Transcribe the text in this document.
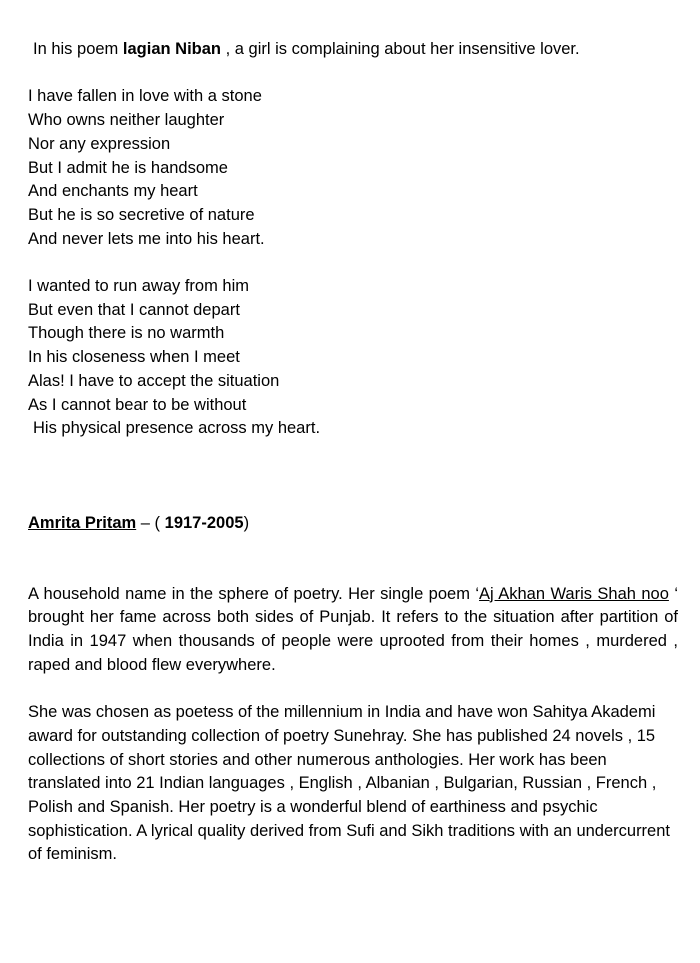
In his poem lagian Niban , a girl is complaining about her insensitive lover.

I have fallen in love with a stone
Who owns neither laughter
Nor any expression
But I admit he is handsome
And enchants my heart
But he is so secretive of nature
And never lets me into his heart.
I wanted to run away from him
But even that I cannot depart
Though there is no warmth
In his closeness when I meet
Alas! I have to accept the situation
As I cannot bear to be without
His physical presence across my heart.
Amrita Pritam – ( 1917-2005)

A household name in the sphere of poetry. Her single poem ‘Aj Akhan Waris Shah noo ‘ brought her fame across both sides of Punjab. It refers to the situation after partition of India in 1947 when thousands of people were uprooted from their homes , murdered , raped and blood flew everywhere.

She was chosen as poetess of the millennium in India and have won Sahitya Akademi award for outstanding collection of poetry Sunehray. She has published 24 novels , 15 collections of short stories and other numerous anthologies. Her work has been translated into 21 Indian languages , English , Albanian , Bulgarian, Russian , French , Polish and Spanish. Her poetry is a wonderful blend of earthiness and psychic sophistication. A lyrical quality derived from Sufi and Sikh traditions with an undercurrent of feminism.
